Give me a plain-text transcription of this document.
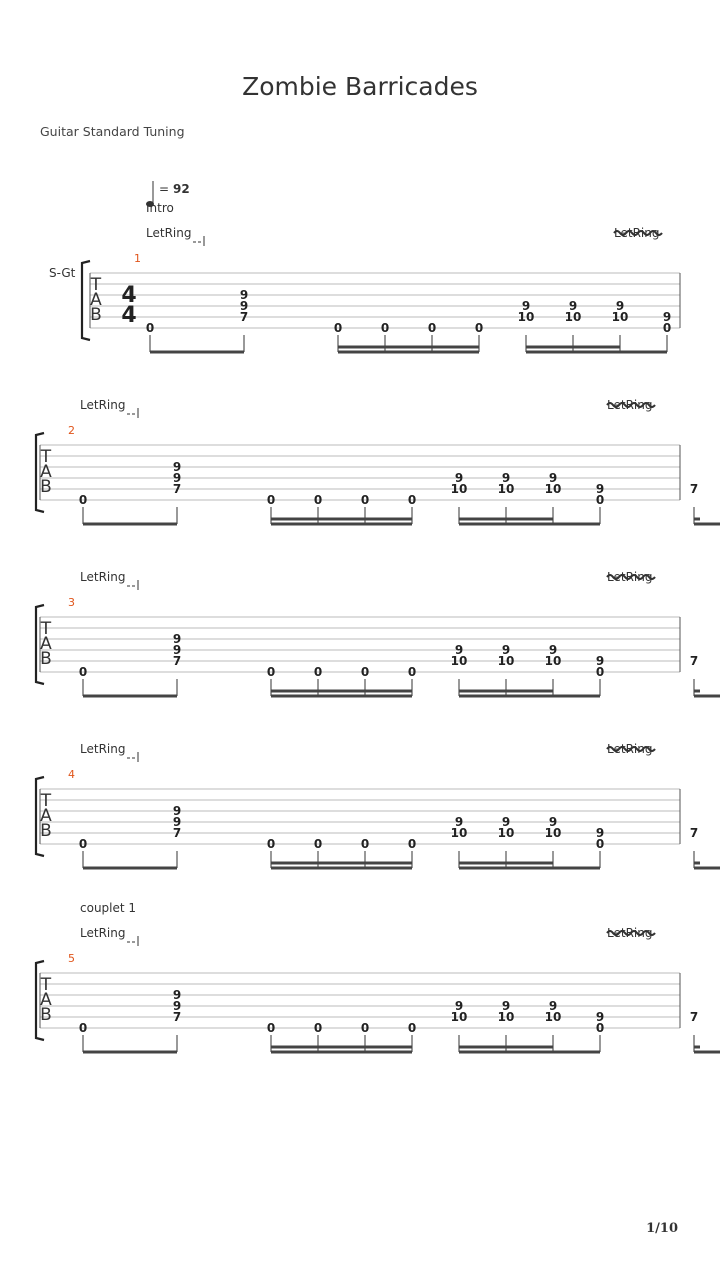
Zombie Barricades
Guitar Standard Tuning
1/10
= 92
Intro
S-Gt
LetRing	LetRing
1
T
A
B
4
4 0
9
9
7
0	0	0	0
9
10
9
10
9
10	9
0
LetRing	LetRing
2
T
A
B
0
9
9
7
0	0	0	0
9
10
9
10
9
10	9
0
7
LetRing	LetRing
3
T
A
B
0
9
9
7
0	0	0	0
9
10
9
10
9
10	9
0
7
LetRing	LetRing
4
T
A
B
0
9
9
7
0	0	0	0
9
10
9
10
9
10	9
0
7
couplet 1
LetRing	LetRing
5
T
A
B
0
9
9
7
0	0	0	0
9
10
9
10
9
10	9
0
7
